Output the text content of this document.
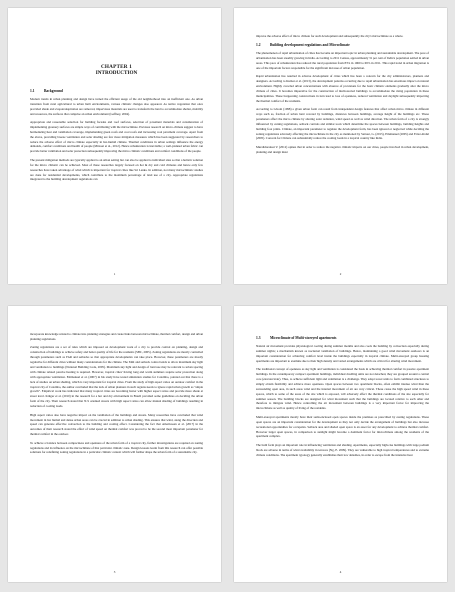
CHAPTER 1
INTRODUCTION
1.1	Background

Modern trends in urban planning and design have turned the efficient usage of the old neighborhood into an inefficient one. As urban transition from rural agricultural to urban built environments, various climatic changes also appeared. As native vegetation that once provided shade and evapotranspiration are removed, impervious materials are used to transform the land to accommodate shelter, mobility and resources, the surfaces that comprise an urban environment (Gaffney, 2004).

Appropriate and reasonable selection for building facades and roof surfaces, selection of pavement materials and consideration of implementing greenery surfaces are simple ways of contributing with the microclimate. Previous research on micro-climate suggest to have harmonizing heat and ventilation coverage, implementing green roofs and cool roofs and increasing cool pavement coverage. Apart from the above, prevailing breeze ventilation and solar shading are few more mitigation measures which has been suggested by researchers to reduce the adverse effect of micro climate especially in hot-humid climate. Thermal conditions in urban settings influence the energy demands, comfort conditions and health of people (Mirzaei et al., 2012). Hence urbanization is inevitable; a well-planned urban fabric can provide better ventilation and solar protection subsequently improving the micro climatic conditions and comfort conditions of the people.

The present mitigation methods are typically applied to an urban setting but can also be applied to individual sites so that a holistic solution for the micro climatic can be achieved. Most of these researches largely focused on hot & dry and cold climates and hence only few researches have taken advantage of wind which is important for tropical cities like Sri Lanka. In addition, not many microclimatic studies are done for residential developments, which contribute to the maximum percentage of land use of a city. Appropriate regulations integrated to the building development regulations can

1

improve the adverse effect of micro climate for such development and subsequently the city's microclimate as a whole.

1.2	Building development regulations and Microclimate

The phenomenon of rapid urbanization of cities has become an important topic in urban planning and sustainable development. The pace of urbanization has been steadily growing in India. According to 2011 Census, approximately 31 per cent of India's population settled in urban areas. This pace of urbanization has reduced the rural population from 83% in 1960 to 69% in 2011. This rapid trend in urban migration is one of the important factors responsible for the significant increase of urban population.

Rapid urbanization has resulted in adverse development of cities which has been a concern for the city administrators, planners and designers. According to Kumar et al. (2013), the development patterns occurring due to rapid urbanization has enormous impact on natural environment. Highly crowded urban concentrations with absence of provisions for the basic climatic elements gradually alter the micro climate of cities. It becomes imperative for the construction of multi-storied buildings to accommodate the rising population in these municipalities. These burgeoning constructions in turn lead to loss of openness, reduced ventilation and daylight subsequently impacting the thermal comfort of the residents.

According to Givoni (1998) a given urban form can result from independent design features that affect urban micro climate in different ways such as, fraction of urban land covered by buildings, distances between buildings, average height of the buildings etc. These parameters affect the micro climate by altering solar radiation, wind speed as well as wind direction. The urban form of a city is strongly influenced by zoning regulations, setback controls and similar tools which determine the spaces between buildings, building heights and building foot prints. Climate, an important parameter to regulate the development form, has been ignored or neglected while deciding the zoning regulations adversely affecting the microclimate in the city as mentioned by Sattout, G. (2015), Emmanuel (2005) and Ernst Abdul (2005). Concern for Climate can substantially reduce the cooling loads in a tropical country like India.

Muralidaransai V. (2012) opines that in order to reduce the negative climatic impacts on our cities, people involved in urban development, planning and design must

2

incorporate knowledge related to climate into planning strategies and create links between microclimate, thermal comfort, design and urban planning regulations.

Zoning regulations are a set of rules which are imposed on development work of a city to provide control on planning, design and construction of buildings to achieve safety and better quality of life for the residents (SBC, 2005). Zoning regulations are mostly controlled through parameters such as FAR and setbacks so that appropriate developments can take place. However, these parameters are mostly regulative for different cities without many considerations for the climate. The FAR and setback control tends to allow maximum sky light and ventilation to buildings (National Building Code, 2005). Maximum sky light and design of land use may be relevant to urban spacing with climate related passive heating is required. However, tropical cities' having long and warm summers require solar protection along with appropriate ventilation. Emmanuel et al. (2007) in his study have tested simulation studies for Colombo, pointed out that there is a lack of studies on urban shading, which is very important for tropical cities. From the study of high aspect ratios on outdoor comfort in the tropical city of Colombo, the author concluded that the lack of urban planners in such regions needs to ignore rapid urban growth as "ample growth". Empirical work has indicated that many tropical cities are becoming hotter with higher aspect ratios and provide more shade at street level. Krüger et al. (2010) in the research for a hot and dry environment in Brazil provided some guidelines on deciding the urban form of the city. Their research stated that N-S oriented streets with high aspect ratios can allow mutual shading of buildings resulting in reduction of cooling loads.

High aspect ratios also have negative impact on the ventilation of the buildings and streets. Many researches have concluded that wind movement in hot humid and dense urban areas can be crucial in addition to urban shading. This ensures that wind, along the direction and speed can generate effective convection to the building and cooling effect. Considering the fact that Amanvaaan et al. (2017) in the outcomes of their research stated the effect of wind speed on thermal comfort was proved to be the second most important parameter for thermal comfort in the outdoor.

To achieve a balance between compactness and openness of the urban form of a tropical city, further investigations are required on zoning regulations and its influence on the microclimate of that particular climatic zone. Design lessons learnt from this research can offer possible solutions for redefining zoning regulations in a particular climatic context which will further shape the urban form of a sustainable city.

3
1.3	Microclimate of Multi-storeyed apartments

Natural air movement provides physiological cooling during summer months and also cools the building by convection especially during summer nights; a mechanism known as nocturnal ventilation of buildings. Hence, maintaining a good wind movement outdoors is an important consideration for achieving comfort level inside the buildings especially in tropical climate. Multi-storeyed group housing apartments are important to examine due to their high density and varied arrangements which are critical for altering wind movement.

The traditional concept of openness as sky light and ventilation is considered the basis in achieving thermal comfort in passive apartment buildings. In the contemporary compact apartment buildings, individual dwelling units are not detached, they are grouped around a central core (elevator/stair). Thus, to achieve sufficient light and ventilation is a challenge. They adopt tower units to form combined structures to simply obtain flexibility and achieve more openness. Open spaces between two apartment blocks, often exhibit intense wind than the surrounding open area, in such areas wind and the internal movement of air are very critical. These cause the high speed wind in these spaces, which to some of the areas of the site which is exposed, will adversely affect the thermal conditions of the site especially for summer season. The building blocks are designed for wind movement such that the buildings are located relative to each other and therefore to mitigate wind. Hence controlling the air movement between buildings is a very important factor for improving the microclimate as well as quality of living of the residents.

Multi-storeyed apartments mostly have their semi-enclosed open spaces inside the premises as prescribed by zoning regulations. These open spaces are an important consideration for the development as they not only decide the arrangement of buildings but also increase recreational opportunities for occupants. Setback area and shaded open space is an asset for any development to achieve thermal comfort. However larger open spaces, in comparison to sunlight might become a dominant factor for microclimate among the residents of the apartment complex.

The built form plays an important role in influencing ventilation and shading. Apartments, especially high-rise buildings with large podium block are adverse in terms of wind availability in terraces (Ng, E. 2009). They are vulnerable to high tropical temperatures and to extreme climate conditions. The apartment typology generally establishes their low densities, in order to escape from the intensive heat

4
